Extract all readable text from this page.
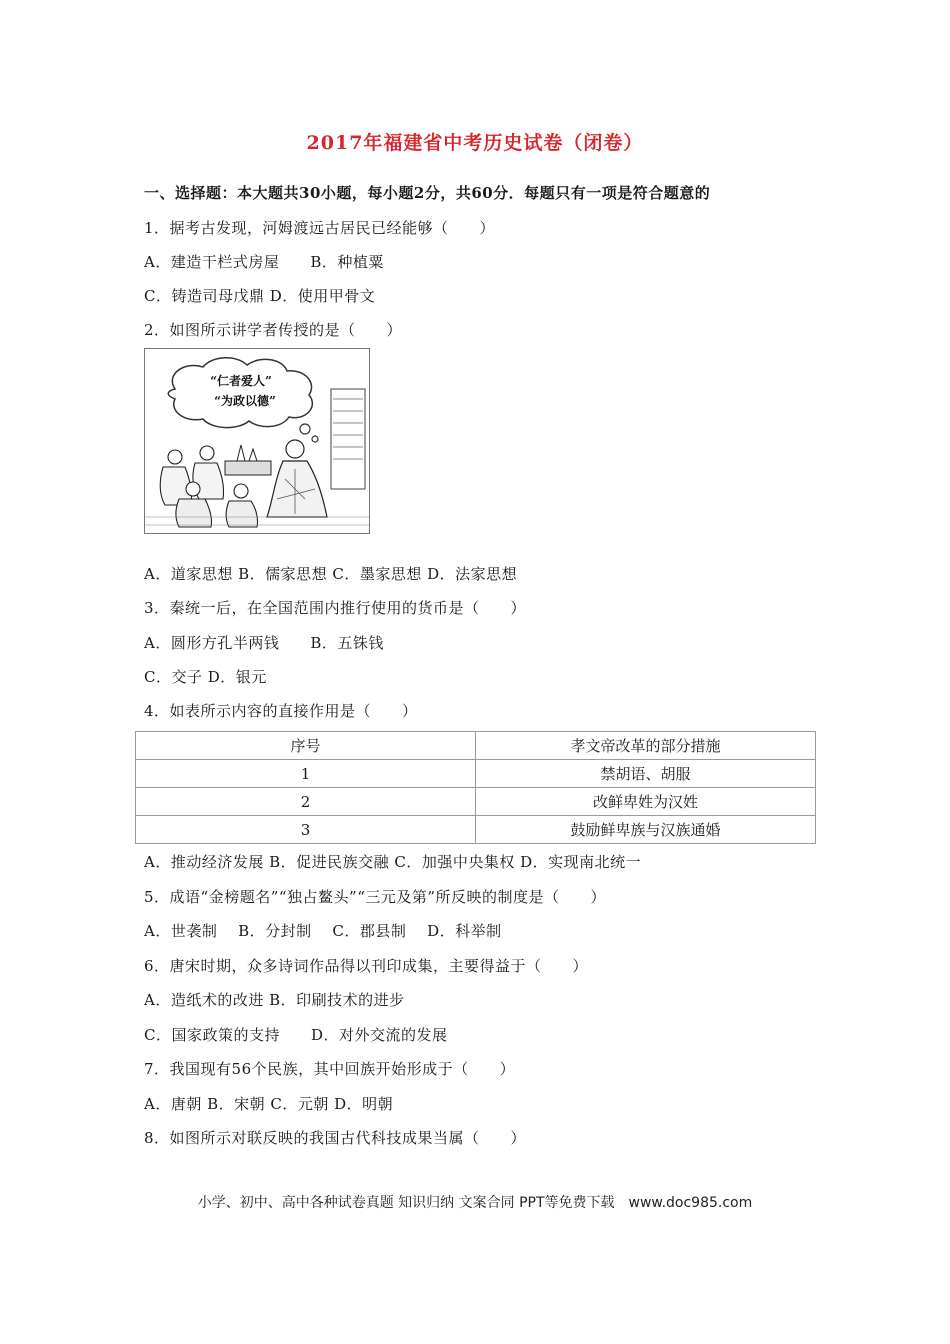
2017年福建省中考历史试卷（闭卷）
一、选择题：本大题共30小题，每小题2分，共60分．每题只有一项是符合题意的
1．据考古发现，河姆渡远古居民已经能够（　　）
A．建造干栏式房屋　　B．种植粟
C．铸造司母戊鼎 D．使用甲骨文
2．如图所示讲学者传授的是（　　）
“仁者爱人”
“为政以德”
A．道家思想 B．儒家思想 C．墨家思想 D．法家思想
3．秦统一后，在全国范围内推行使用的货币是（　　）
A．圆形方孔半两钱　　B．五铢钱
C．交子 D．银元
4．如表所示内容的直接作用是（　　）
序号	孝文帝改革的部分措施
1	禁胡语、胡服
2	改鲜卑姓为汉姓
3	鼓励鲜卑族与汉族通婚
A．推动经济发展 B．促进民族交融 C．加强中央集权 D．实现南北统一
5．成语“金榜题名”“独占鳌头”“三元及第”所反映的制度是（　　）
A．世袭制　 B．分封制　 C．郡县制　 D．科举制
6．唐宋时期，众多诗词作品得以刊印成集，主要得益于（　　）
A．造纸术的改进 B．印刷技术的进步
C．国家政策的支持　　D．对外交流的发展
7．我国现有56个民族，其中回族开始形成于（　　）
A．唐朝 B．宋朝 C．元朝 D．明朝
8．如图所示对联反映的我国古代科技成果当属（　　）
小学、初中、高中各种试卷真题 知识归纳 文案合同 PPT等免费下载　www.doc985.com
